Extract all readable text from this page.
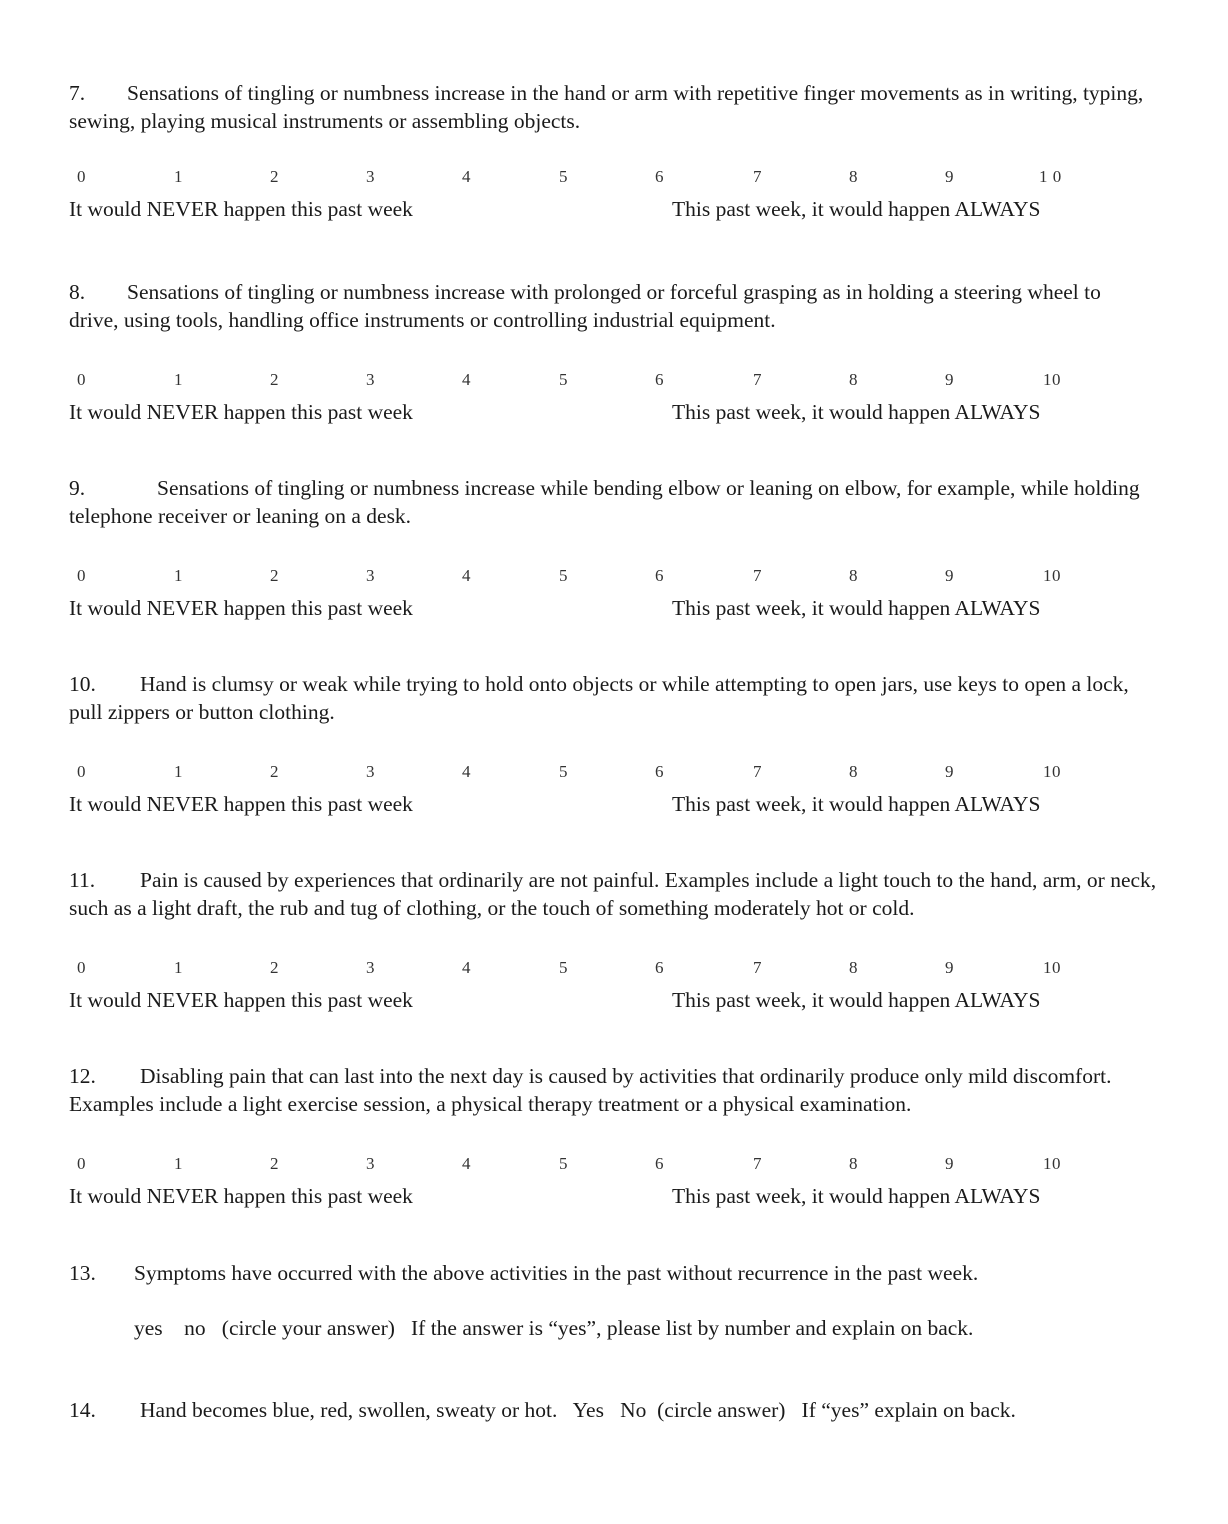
7. Sensations of tingling or numbness increase in the hand or arm with repetitive finger movements as in writing, typing, sewing, playing musical instruments or assembling objects.

0	1	2	3	4	5	6	7	8	9	1 0
It would NEVER happen this past week	This past week, it would happen ALWAYS

8. Sensations of tingling or numbness increase with prolonged or forceful grasping as in holding a steering wheel to drive, using tools, handling office instruments or controlling industrial equipment.

0	1	2	3	4	5	6	7	8	9	10
It would NEVER happen this past week	This past week, it would happen ALWAYS

9.	Sensations of tingling or numbness increase while bending elbow or leaning on elbow, for example, while holding telephone receiver or leaning on a desk.

0	1	2	3	4	5	6	7	8	9	10
It would NEVER happen this past week	This past week, it would happen ALWAYS

10. Hand is clumsy or weak while trying to hold onto objects or while attempting to open jars, use keys to open a lock, pull zippers or button clothing.

0	1	2	3	4	5	6	7	8	9	10
It would NEVER happen this past week	This past week, it would happen ALWAYS

11. Pain is caused by experiences that ordinarily are not painful. Examples include a light touch to the hand, arm, or neck, such as a light draft, the rub and tug of clothing, or the touch of something moderately hot or cold.

0	1	2	3	4	5	6	7	8	9	10
It would NEVER happen this past week	This past week, it would happen ALWAYS

12. Disabling pain that can last into the next day is caused by activities that ordinarily produce only mild discomfort. Examples include a light exercise session, a physical therapy treatment or a physical examination.

0	1	2	3	4	5	6	7	8	9	10
It would NEVER happen this past week	This past week, it would happen ALWAYS

13. Symptoms have occurred with the above activities in the past without recurrence in the past week.

yes    no   (circle your answer)   If the answer is “yes”, please list by number and explain on back.

14. Hand becomes blue, red, swollen, sweaty or hot.   Yes   No  (circle answer)   If “yes” explain on back.
